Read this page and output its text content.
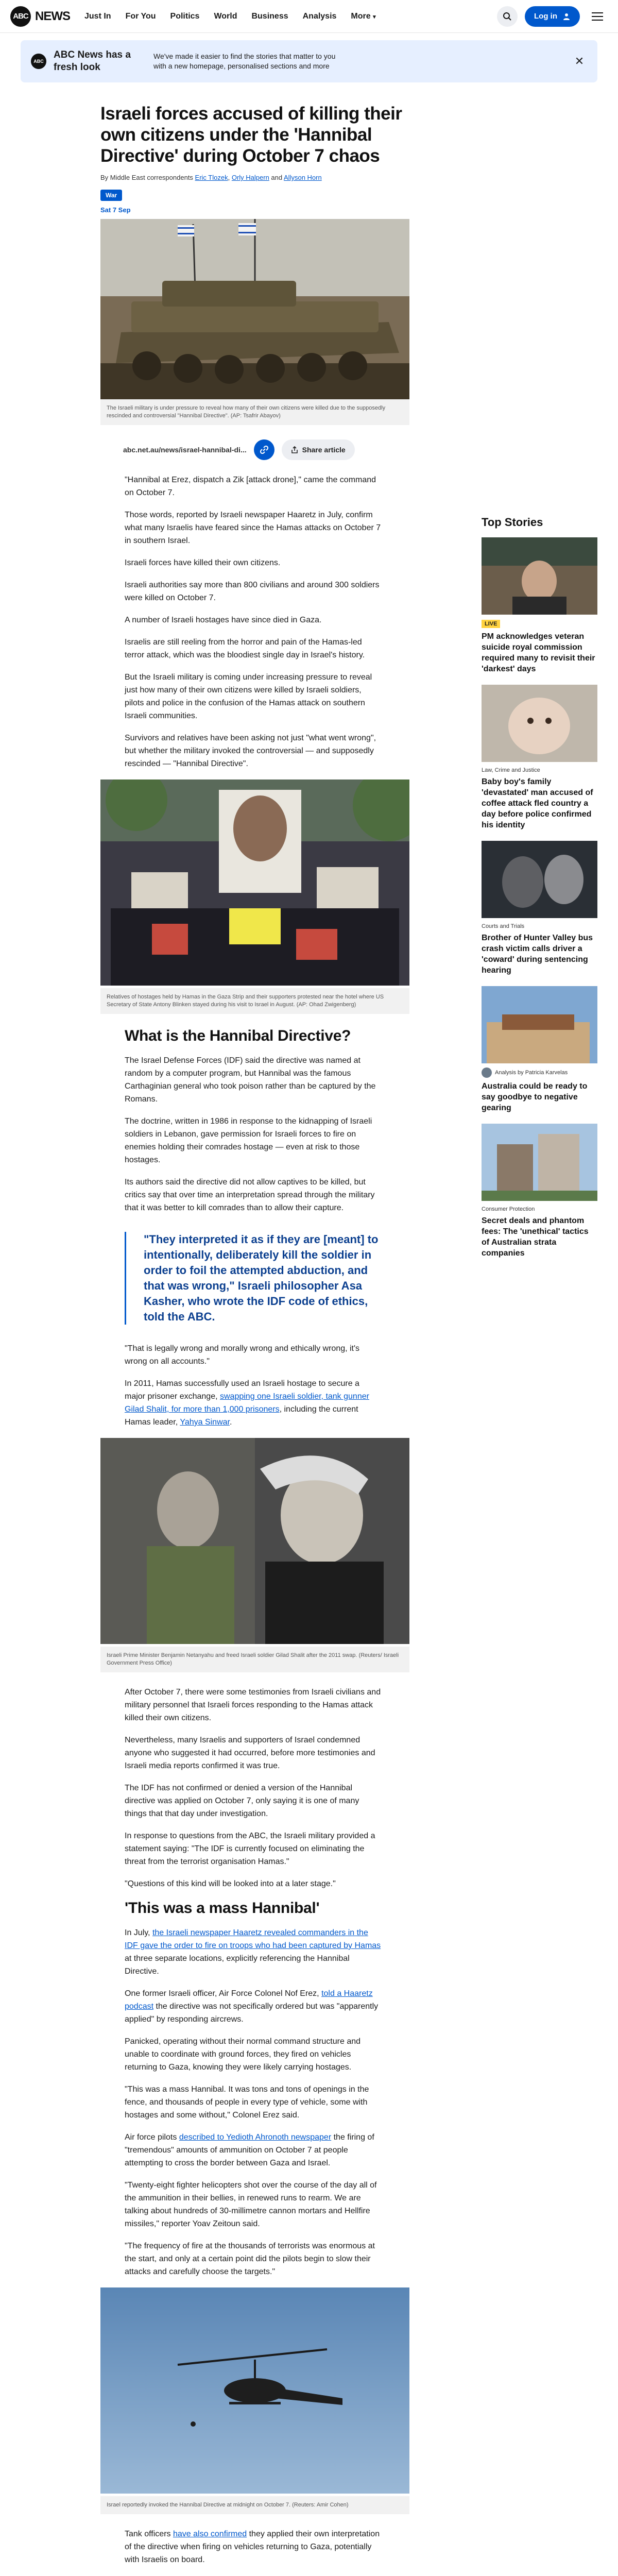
ABC NEWS Just In For You Politics World Business Analysis More ▾	Log in
ABC
ABC News has a fresh look
We've made it easier to find the stories that matter to you with a new homepage, personalised sections and more	✕
Israeli forces accused of killing their own citizens under the 'Hannibal Directive' during October 7 chaos
By Middle East correspondents Eric Tlozek, Orly Halpern and Allyson Horn
War
Sat 7 Sep
The Israeli military is under pressure to reveal how many of their own citizens were killed due to the supposedly rescinded and controversial "Hannibal Directive". (AP: Tsafrir Abayov)
abc.net.au/news/israel-hannibal-di...	Share article

"Hannibal at Erez, dispatch a Zik [attack drone]," came the command on October 7.

Those words, reported by Israeli newspaper Haaretz in July, confirm what many Israelis have feared since the Hamas attacks on October 7 in southern Israel.

Israeli forces have killed their own citizens.

Israeli authorities say more than 800 civilians and around 300 soldiers were killed on October 7.

A number of Israeli hostages have since died in Gaza.

Israelis are still reeling from the horror and pain of the Hamas-led terror attack, which was the bloodiest single day in Israel's history.

But the Israeli military is coming under increasing pressure to reveal just how many of their own citizens were killed by Israeli soldiers, pilots and police in the confusion of the Hamas attack on southern Israeli communities.

Survivors and relatives have been asking not just "what went wrong", but whether the military invoked the controversial — and supposedly rescinded — "Hannibal Directive".

Relatives of hostages held by Hamas in the Gaza Strip and their supporters protested near the hotel where US Secretary of State Antony Blinken stayed during his visit to Israel in August. (AP: Ohad Zwigenberg)
What is the Hannibal Directive?

The Israel Defense Forces (IDF) said the directive was named at random by a computer program, but Hannibal was the famous Carthaginian general who took poison rather than be captured by the Romans.

The doctrine, written in 1986 in response to the kidnapping of Israeli soldiers in Lebanon, gave permission for Israeli forces to fire on enemies holding their comrades hostage — even at risk to those hostages.

Its authors said the directive did not allow captives to be killed, but critics say that over time an interpretation spread through the military that it was better to kill comrades than to allow their capture.

"They interpreted it as if they are [meant] to intentionally, deliberately kill the soldier in order to foil the attempted abduction, and that was wrong," Israeli philosopher Asa Kasher, who wrote the IDF code of ethics, told the ABC.

"That is legally wrong and morally wrong and ethically wrong, it's wrong on all accounts."

In 2011, Hamas successfully used an Israeli hostage to secure a major prisoner exchange, swapping one Israeli soldier, tank gunner Gilad Shalit, for more than 1,000 prisoners, including the current Hamas leader, Yahya Sinwar.

Israeli Prime Minister Benjamin Netanyahu and freed Israeli soldier Gilad Shalit after the 2011 swap. (Reuters/ Israeli Government Press Office)

After October 7, there were some testimonies from Israeli civilians and military personnel that Israeli forces responding to the Hamas attack killed their own citizens.

Nevertheless, many Israelis and supporters of Israel condemned anyone who suggested it had occurred, before more testimonies and Israeli media reports confirmed it was true.

The IDF has not confirmed or denied a version of the Hannibal directive was applied on October 7, only saying it is one of many things that that day under investigation.

In response to questions from the ABC, the Israeli military provided a statement saying: "The IDF is currently focused on eliminating the threat from the terrorist organisation Hamas."

"Questions of this kind will be looked into at a later stage."

'This was a mass Hannibal'

In July, the Israeli newspaper Haaretz revealed commanders in the IDF gave the order to fire on troops who had been captured by Hamas at three separate locations, explicitly referencing the Hannibal Directive.

One former Israeli officer, Air Force Colonel Nof Erez, told a Haaretz podcast the directive was not specifically ordered but was "apparently applied" by responding aircrews.

Panicked, operating without their normal command structure and unable to coordinate with ground forces, they fired on vehicles returning to Gaza, knowing they were likely carrying hostages.

"This was a mass Hannibal. It was tons and tons of openings in the fence, and thousands of people in every type of vehicle, some with hostages and some without," Colonel Erez said.

Air force pilots described to Yedioth Ahronoth newspaper the firing of "tremendous" amounts of ammunition on October 7 at people attempting to cross the border between Gaza and Israel.

"Twenty-eight fighter helicopters shot over the course of the day all of the ammunition in their bellies, in renewed runs to rearm. We are talking about hundreds of 30-millimetre cannon mortars and Hellfire missiles," reporter Yoav Zeitoun said.

"The frequency of fire at the thousands of terrorists was enormous at the start, and only at a certain point did the pilots begin to slow their attacks and carefully choose the targets."

Israel reportedly invoked the Hannibal Directive at midnight on October 7. (Reuters: Amir Cohen)

Tank officers have also confirmed they applied their own interpretation of the directive when firing on vehicles returning to Gaza, potentially with Israelis on board.

Top Stories
LIVE
PM acknowledges veteran suicide royal commission required many to revisit their 'darkest' days
Law, Crime and Justice
Baby boy's family 'devastated' man accused of coffee attack fled country a day before police confirmed his identity
Courts and Trials
Brother of Hunter Valley bus crash victim calls driver a 'coward' during sentencing hearing
Analysis by Patricia Karvelas
Australia could be ready to say goodbye to negative gearing
Consumer Protection
Secret deals and phantom fees: The 'unethical' tactics of Australian strata companies
